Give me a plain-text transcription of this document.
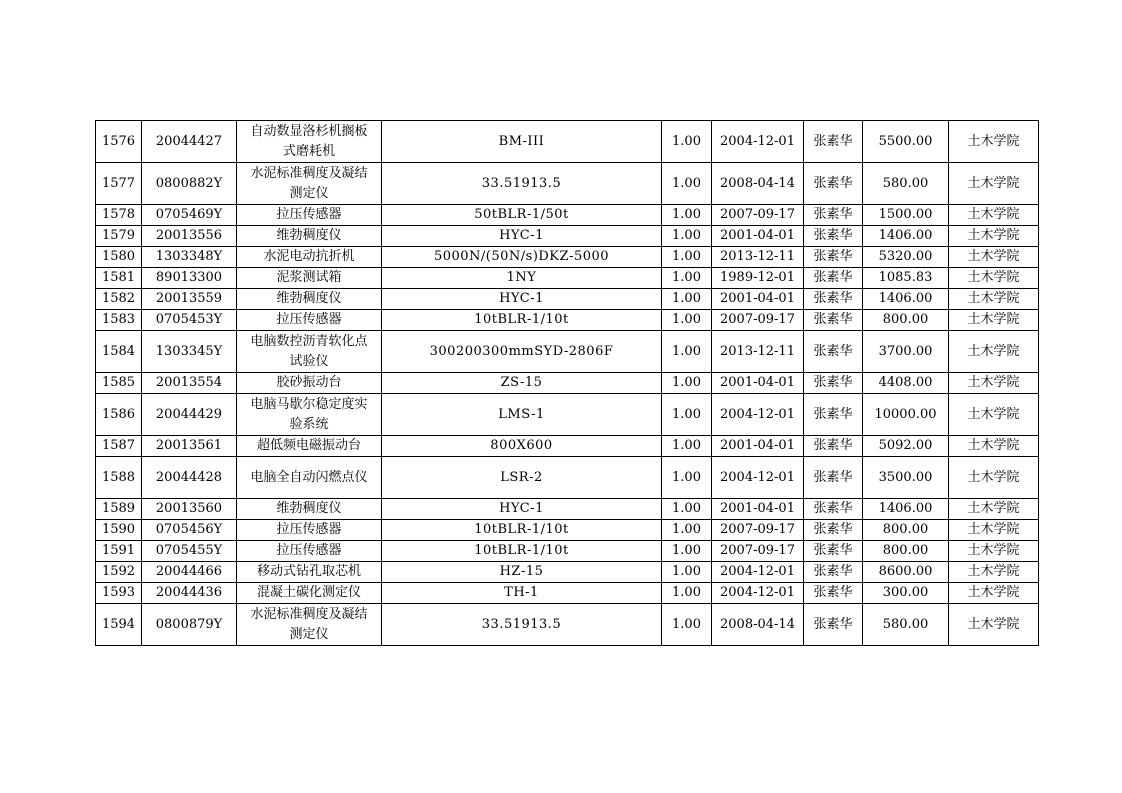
1576	20044427	自动数显洛杉机搁板式磨耗机	BM-III	1.00	2004-12-01	张素华	5500.00	土木学院
1577	0800882Y	水泥标准稠度及凝结测定仪	33.51913.5	1.00	2008-04-14	张素华	580.00	土木学院
1578	0705469Y	拉压传感器	50tBLR-1/50t	1.00	2007-09-17	张素华	1500.00	土木学院
1579	20013556	维勃稠度仪	HYC-1	1.00	2001-04-01	张素华	1406.00	土木学院
1580	1303348Y	水泥电动抗折机	5000N/(50N/s)DKZ-5000	1.00	2013-12-11	张素华	5320.00	土木学院
1581	89013300	泥浆测试箱	1NY	1.00	1989-12-01	张素华	1085.83	土木学院
1582	20013559	维勃稠度仪	HYC-1	1.00	2001-04-01	张素华	1406.00	土木学院
1583	0705453Y	拉压传感器	10tBLR-1/10t	1.00	2007-09-17	张素华	800.00	土木学院
1584	1303345Y	电脑数控沥青软化点试验仪	300200300mmSYD-2806F	1.00	2013-12-11	张素华	3700.00	土木学院
1585	20013554	胶砂振动台	ZS-15	1.00	2001-04-01	张素华	4408.00	土木学院
1586	20044429	电脑马歇尔稳定度实验系统	LMS-1	1.00	2004-12-01	张素华	10000.00	土木学院
1587	20013561	超低频电磁振动台	800X600	1.00	2001-04-01	张素华	5092.00	土木学院
1588	20044428	电脑全自动闪燃点仪	LSR-2	1.00	2004-12-01	张素华	3500.00	土木学院
1589	20013560	维勃稠度仪	HYC-1	1.00	2001-04-01	张素华	1406.00	土木学院
1590	0705456Y	拉压传感器	10tBLR-1/10t	1.00	2007-09-17	张素华	800.00	土木学院
1591	0705455Y	拉压传感器	10tBLR-1/10t	1.00	2007-09-17	张素华	800.00	土木学院
1592	20044466	移动式钻孔取芯机	HZ-15	1.00	2004-12-01	张素华	8600.00	土木学院
1593	20044436	混凝土碳化测定仪	TH-1	1.00	2004-12-01	张素华	300.00	土木学院
1594	0800879Y	水泥标准稠度及凝结测定仪	33.51913.5	1.00	2008-04-14	张素华	580.00	土木学院
